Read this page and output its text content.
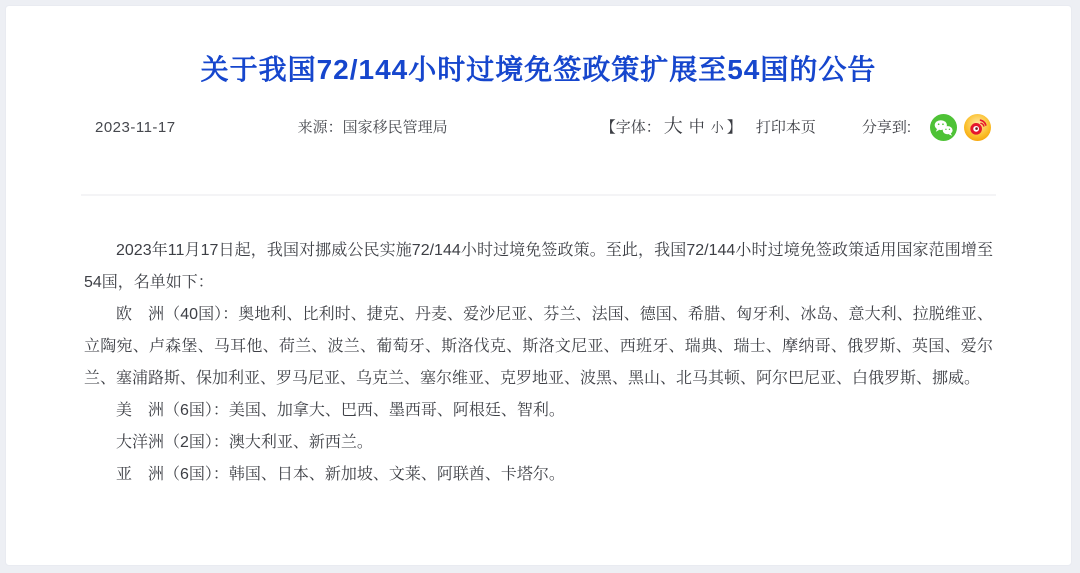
关于我国72/144小时过境免签政策扩展至54国的公告
2023-11-17	来源：国家移民管理局	【字体： 大 中 小 】 打印本页	分享到:

2023年11月17日起，我国对挪威公民实施72/144小时过境免签政策。至此，我国72/144小时过境免签政策适用国家范围增至54国，名单如下：

欧　洲（40国）：奥地利、比利时、捷克、丹麦、爱沙尼亚、芬兰、法国、德国、希腊、匈牙利、冰岛、意大利、拉脱维亚、立陶宛、卢森堡、马耳他、荷兰、波兰、葡萄牙、斯洛伐克、斯洛文尼亚、西班牙、瑞典、瑞士、摩纳哥、俄罗斯、英国、爱尔兰、塞浦路斯、保加利亚、罗马尼亚、乌克兰、塞尔维亚、克罗地亚、波黑、黑山、北马其顿、阿尔巴尼亚、白俄罗斯、挪威。

美　洲（6国）：美国、加拿大、巴西、墨西哥、阿根廷、智利。

大洋洲（2国）：澳大利亚、新西兰。

亚　洲（6国）：韩国、日本、新加坡、文莱、阿联酋、卡塔尔。
